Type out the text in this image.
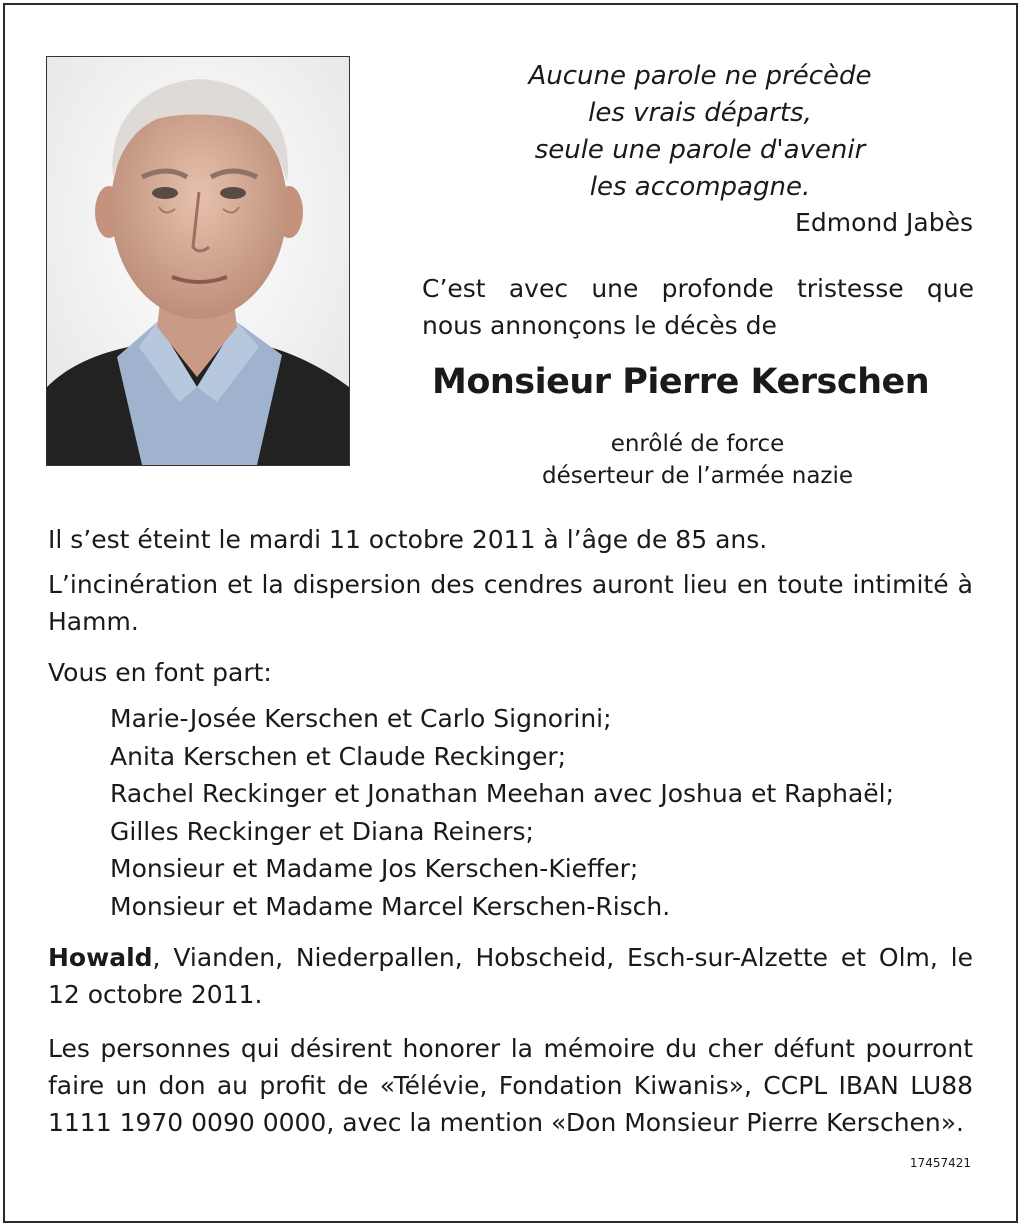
Aucune parole ne précède
les vrais départs,
seule une parole d'avenir
les accompagne.
Edmond Jabès
C’est avec une profonde tristesse que
nous annonçons le décès de
Monsieur Pierre Kerschen
enrôlé de force
déserteur de l’armée nazie
Il s’est éteint le mardi 11 octobre 2011 à l’âge de 85 ans.
L’incinération et la dispersion des cendres auront lieu en toute intimité à Hamm.
Vous en font part:
Marie-Josée Kerschen et Carlo Signorini;
Anita Kerschen et Claude Reckinger;
Rachel Reckinger et Jonathan Meehan avec Joshua et Raphaël;
Gilles Reckinger et Diana Reiners;
Monsieur et Madame Jos Kerschen-Kieffer;
Monsieur et Madame Marcel Kerschen-Risch.
Howald, Vianden, Niederpallen, Hobscheid, Esch-sur-Alzette et Olm, le 12 octobre 2011.
Les personnes qui désirent honorer la mémoire du cher défunt pourront faire un don au profit de «Télévie, Fondation Kiwanis», CCPL IBAN LU88 1111 1970 0090 0000, avec la mention «Don Monsieur Pierre Kerschen».
17457421
